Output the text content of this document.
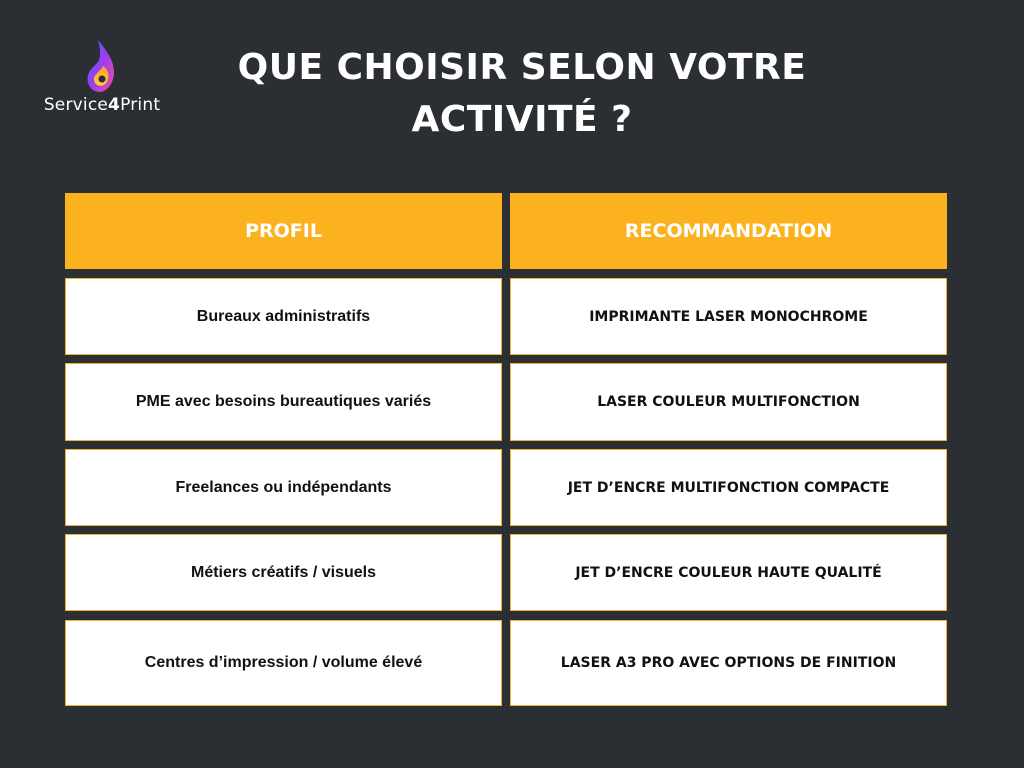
Service4Print
QUE CHOISIR SELON VOTRE
ACTIVITÉ ?
PROFIL	RECOMMANDATION
Bureaux administratifs	IMPRIMANTE LASER MONOCHROME
PME avec besoins bureautiques variés	LASER COULEUR MULTIFONCTION
Freelances ou indépendants	JET D’ENCRE MULTIFONCTION COMPACTE
Métiers créatifs / visuels	JET D’ENCRE COULEUR HAUTE QUALITÉ
Centres d’impression / volume élevé	LASER A3 PRO AVEC OPTIONS DE FINITION
